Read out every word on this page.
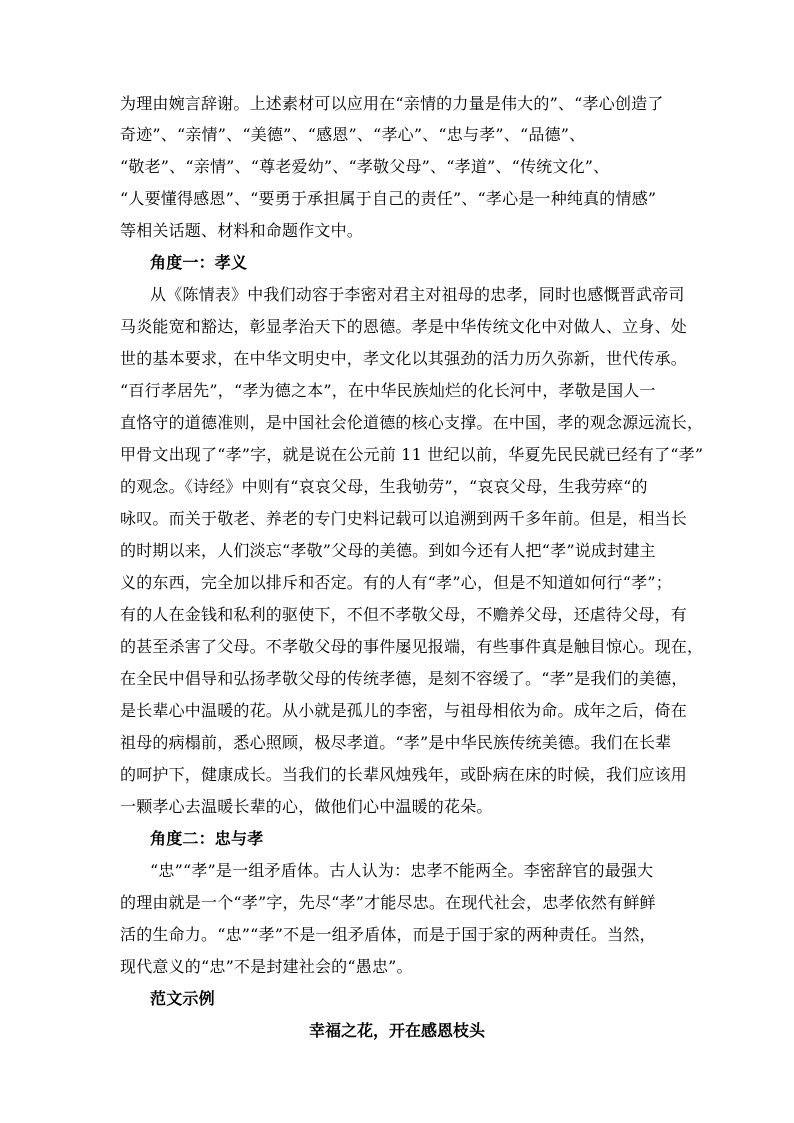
为理由婉言辞谢。上述素材可以应用在“亲情的力量是伟大的”、“孝心创造了
奇迹”、“亲情”、“美德”、“感恩”、“孝心”、“忠与孝”、“品德”、
“敬老”、“亲情”、“尊老爱幼”、“孝敬父母”、“孝道”、“传统文化”、
“人要懂得感恩”、“要勇于承担属于自己的责任”、“孝心是一种纯真的情感”
等相关话题、材料和命题作文中。
角度一：孝义
从《陈情表》中我们动容于李密对君主对祖母的忠孝，同时也感慨晋武帝司
马炎能宽和豁达，彰显孝治天下的恩德。孝是中华传统文化中对做人、立身、处
世的基本要求，在中华文明史中，孝文化以其强劲的活力历久弥新，世代传承。
“百行孝居先”，“孝为德之本”，在中华民族灿烂的化长河中，孝敬是国人一
直恪守的道德准则，是中国社会伦道德的核心支撑。在中国，孝的观念源远流长，
甲骨文出现了“孝”字，就是说在公元前 11 世纪以前，华夏先民民就已经有了“孝”
的观念。《诗经》中则有“哀哀父母，生我劬劳”，“哀哀父母，生我劳瘁“的
咏叹。而关于敬老、养老的专门史料记载可以追溯到两千多年前。但是，相当长
的时期以来，人们淡忘“孝敬”父母的美德。到如今还有人把“孝”说成封建主
义的东西，完全加以排斥和否定。有的人有“孝”心，但是不知道如何行“孝”；
有的人在金钱和私利的驱使下，不但不孝敬父母，不赡养父母，还虐待父母，有
的甚至杀害了父母。不孝敬父母的事件屡见报端，有些事件真是触目惊心。现在，
在全民中倡导和弘扬孝敬父母的传统孝德，是刻不容缓了。“孝”是我们的美德，
是长辈心中温暖的花。从小就是孤儿的李密，与祖母相依为命。成年之后，倚在
祖母的病榻前，悉心照顾，极尽孝道。“孝”是中华民族传统美德。我们在长辈
的呵护下，健康成长。当我们的长辈风烛残年，或卧病在床的时候，我们应该用
一颗孝心去温暖长辈的心，做他们心中温暖的花朵。
角度二：忠与孝
“忠”“孝”是一组矛盾体。古人认为：忠孝不能两全。李密辞官的最强大
的理由就是一个“孝”字，先尽“孝”才能尽忠。在现代社会，忠孝依然有鲜鲜
活的生命力。“忠”“孝”不是一组矛盾体，而是于国于家的两种责任。当然，
现代意义的“忠”不是封建社会的“愚忠”。
范文示例
幸福之花，开在感恩枝头
